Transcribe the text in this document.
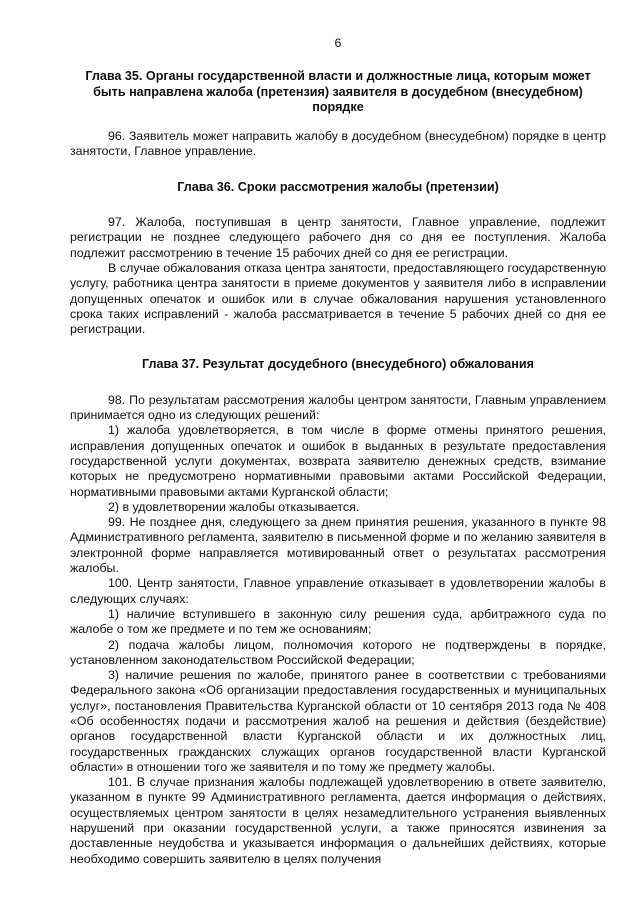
6
Глава 35. Органы государственной власти и должностные лица, которым может быть направлена жалоба (претензия) заявителя в досудебном (внесудебном) порядке

96. Заявитель может направить жалобу в досудебном (внесудебном) порядке в центр занятости, Главное управление.

Глава 36. Сроки рассмотрения жалобы (претензии)

97. Жалоба, поступившая в центр занятости, Главное управление, подлежит регистрации не позднее следующего рабочего дня со дня ее поступления. Жалоба подлежит рассмотрению в течение 15 рабочих дней со дня ее регистрации.

В случае обжалования отказа центра занятости, предоставляющего государственную услугу, работника центра занятости в приеме документов у заявителя либо в исправлении допущенных опечаток и ошибок или в случае обжалования нарушения установленного срока таких исправлений - жалоба рассматривается в течение 5 рабочих дней со дня ее регистрации.

Глава 37. Результат досудебного (внесудебного) обжалования

98. По результатам рассмотрения жалобы центром занятости, Главным управлением принимается одно из следующих решений:

1) жалоба удовлетворяется, в том числе в форме отмены принятого решения, исправления допущенных опечаток и ошибок в выданных в результате предоставления государственной услуги документах, возврата заявителю денежных средств, взимание которых не предусмотрено нормативными правовыми актами Российской Федерации, нормативными правовыми актами Курганской области;

2) в удовлетворении жалобы отказывается.

99. Не позднее дня, следующего за днем принятия решения, указанного в пункте 98 Административного регламента, заявителю в письменной форме и по желанию заявителя в электронной форме направляется мотивированный ответ о результатах рассмотрения жалобы.

100. Центр занятости, Главное управление отказывает в удовлетворении жалобы в следующих случаях:

1) наличие вступившего в законную силу решения суда, арбитражного суда по жалобе о том же предмете и по тем же основаниям;

2) подача жалобы лицом, полномочия которого не подтверждены в порядке, установленном законодательством Российской Федерации;

3) наличие решения по жалобе, принятого ранее в соответствии с требованиями Федерального закона «Об организации предоставления государственных и муниципальных услуг», постановления Правительства Курганской области от 10 сентября 2013 года № 408 «Об особенностях подачи и рассмотрения жалоб на решения и действия (бездействие) органов государственной власти Курганской области и их должностных лиц, государственных гражданских служащих органов государственной власти Курганской области» в отношении того же заявителя и по тому же предмету жалобы.

101. В случае признания жалобы подлежащей удовлетворению в ответе заявителю, указанном в пункте 99 Административного регламента, дается информация о действиях, осуществляемых центром занятости в целях незамедлительного устранения выявленных нарушений при оказании государственной услуги, а также приносятся извинения за доставленные неудобства и указывается информация о дальнейших действиях, которые необходимо совершить заявителю в целях получения
